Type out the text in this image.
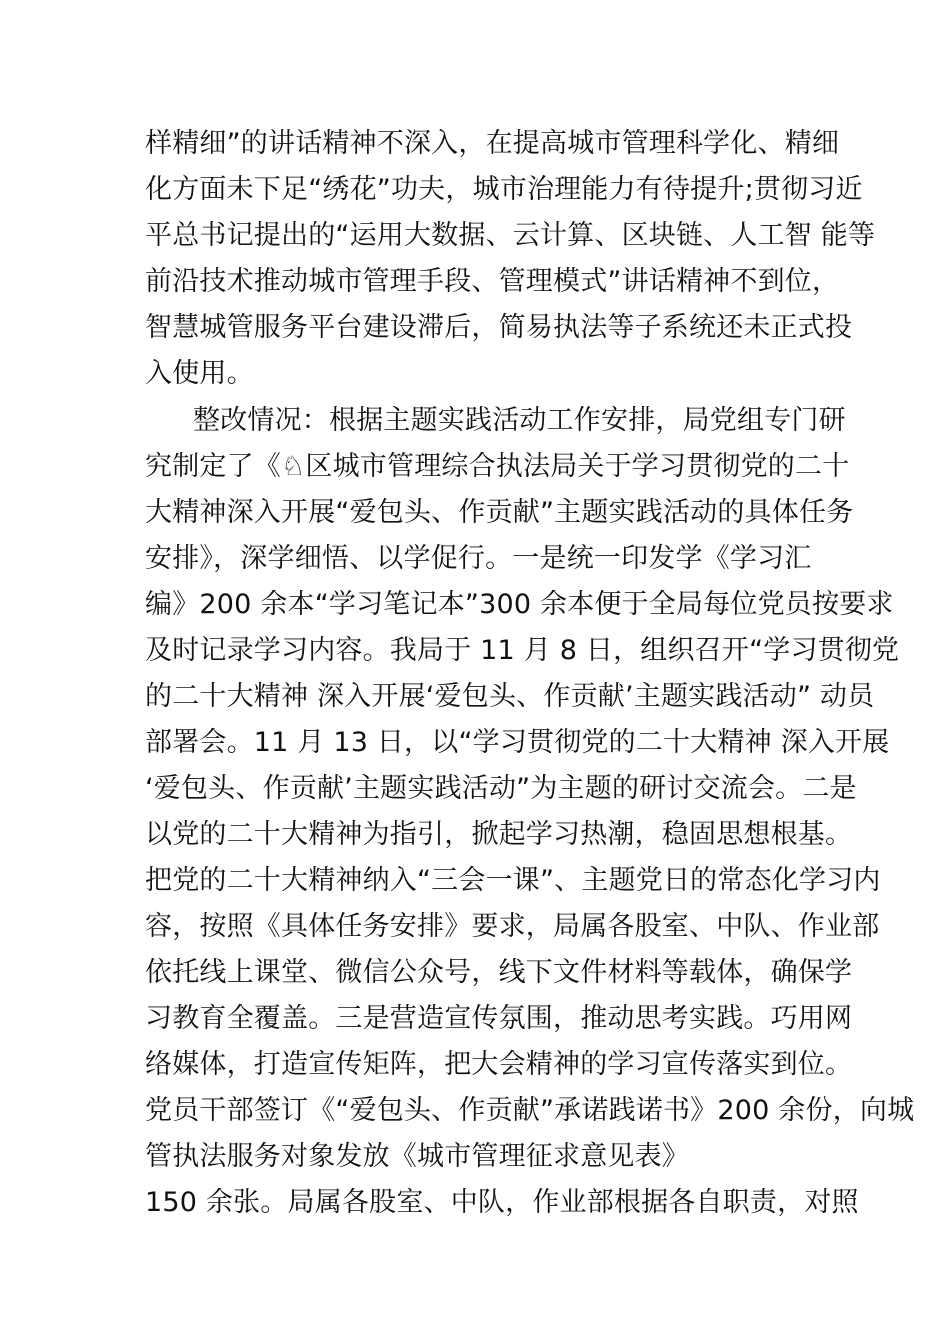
样精细”的讲话精神不深入，在提高城市管理科学化、精细
化方面未下足“绣花”功夫，城市治理能力有待提升;贯彻习近
平总书记提出的“运用大数据、云计算、区块链、人工智 能等
前沿技术推动城市管理手段、管理模式”讲话精神不到位，
智慧城管服务平台建设滞后，简易执法等子系统还未正式投
入使用。
整改情况：根据主题实践活动工作安排，局党组专门研
究制定了《♘区城市管理综合执法局关于学习贯彻党的二十
大精神深入开展“爱包头、作贡献”主题实践活动的具体任务
安排》，深学细悟、以学促行。一是统一印发学《学习汇
编》200 余本“学习笔记本”300 余本便于全局每位党员按要求
及时记录学习内容。我局于 11 月 8 日，组织召开“学习贯彻党
的二十大精神 深入开展‘爱包头、作贡献’主题实践活动” 动员
部署会。11 月 13 日，以“学习贯彻党的二十大精神 深入开展
‘爱包头、作贡献’主题实践活动”为主题的研讨交流会。二是
以党的二十大精神为指引，掀起学习热潮，稳固思想根基。
把党的二十大精神纳入“三会一课”、主题党日的常态化学习内
容，按照《具体任务安排》要求，局属各股室、中队、作业部
依托线上课堂、微信公众号，线下文件材料等载体，确保学
习教育全覆盖。三是营造宣传氛围，推动思考实践。巧用网
络媒体，打造宣传矩阵，把大会精神的学习宣传落实到位。
党员干部签订《“爱包头、作贡献”承诺践诺书》200 余份，向城
管执法服务对象发放《城市管理征求意见表》
150 余张。局属各股室、中队，作业部根据各自职责，对照
